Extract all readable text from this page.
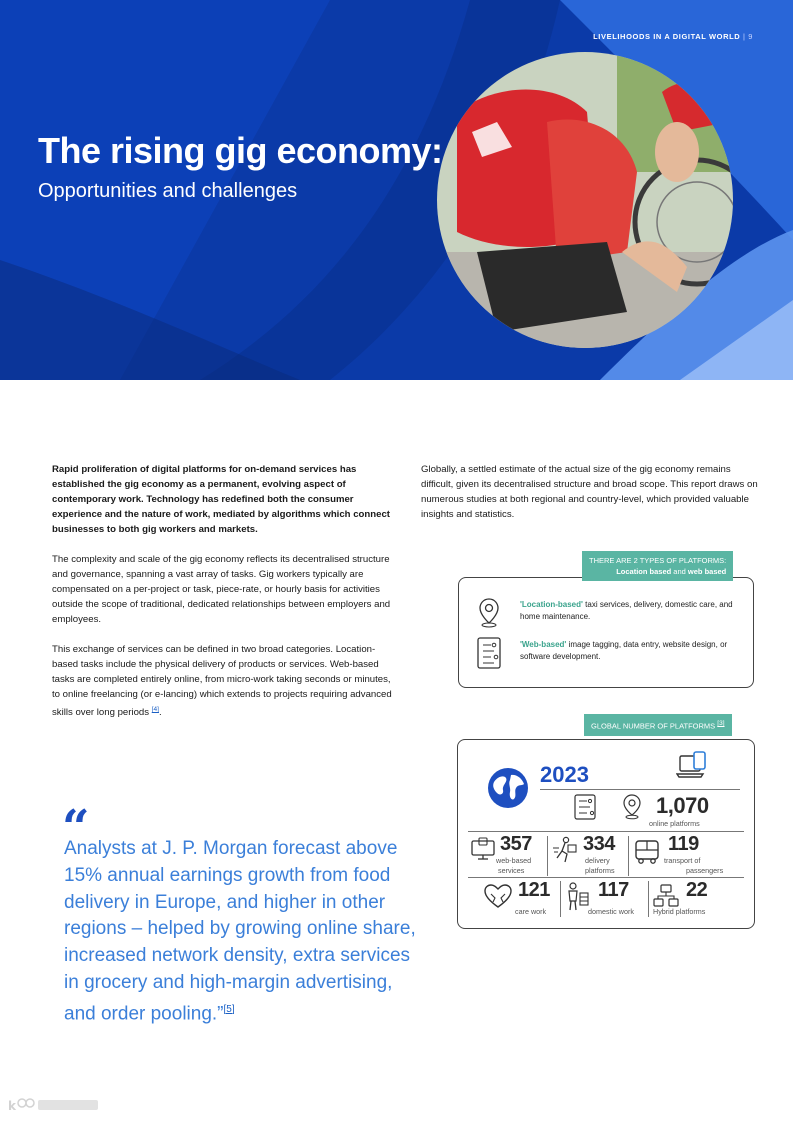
LIVELIHOODS IN A DIGITAL WORLD | 9
The rising gig economy:
Opportunities and challenges

Rapid proliferation of digital platforms for on-demand services has established the gig economy as a permanent, evolving aspect of contemporary work. Technology has redefined both the consumer experience and the nature of work, mediated by algorithms which connect businesses to both gig workers and markets.

The complexity and scale of the gig economy reflects its decentralised structure and governance, spanning a vast array of tasks. Gig workers typically are compensated on a per-project or task, piece-rate, or hourly basis for activities outside the scope of traditional, dedicated relationships between employers and employees.

This exchange of services can be defined in two broad categories. Location-based tasks include the physical delivery of products or services. Web-based tasks are completed entirely online, from micro-work taking seconds or minutes, to online freelancing (or e-lancing) which extends to projects requiring advanced skills over long periods [4].

Globally, a settled estimate of the actual size of the gig economy remains difficult, given its decentralised structure and broad scope. This report draws on numerous studies at both regional and country-level, which provided valuable insights and statistics.

THERE ARE 2 TYPES OF PLATFORMS:
Location based and web based
'Location-based' taxi services, delivery, domestic care, and home maintenance.
'Web-based' image tagging, data entry, website design, or software development.
GLOBAL NUMBER OF PLATFORMS [3]
2023
1,070
online platforms
357
web-based
services
334
delivery
platforms
119
transport of
passengers
121
care work
117
domestic work
22
Hybrid platforms
“
Analysts at J. P. Morgan forecast above 15% annual earnings growth from food delivery in Europe, and higher in other regions – helped by growing online share, increased network density, extra services in grocery and high-margin advertising, and order pooling.”[5]
k
